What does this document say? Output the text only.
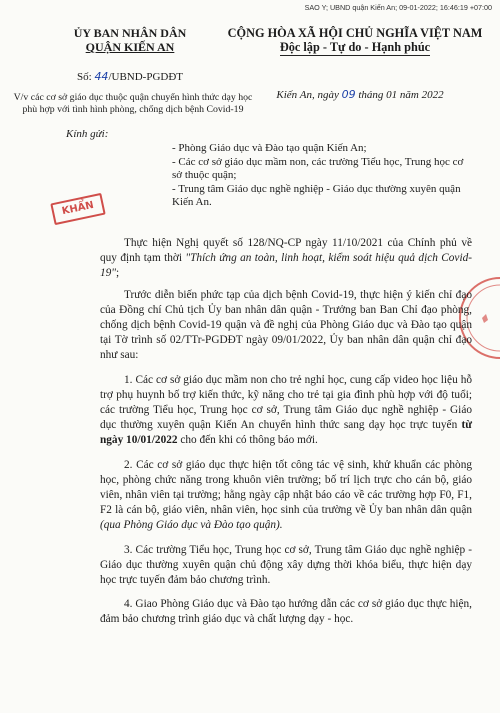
SAO Y; UBND quận Kiến An; 09-01-2022; 16:46:19 +07:00
ỦY BAN NHÂN DÂN
QUẬN KIẾN AN
CỘNG HÒA XÃ HỘI CHỦ NGHĨA VIỆT NAM
Độc lập - Tự do - Hạnh phúc
Số: 44/UBND-PGDĐT
Kiến An, ngày 09 tháng 01 năm 2022
V/v các cơ sở giáo dục thuộc quận chuyển hình thức dạy học phù hợp với tình hình phòng, chống dịch bệnh Covid-19
Kính gửi:
- Phòng Giáo dục và Đào tạo quận Kiến An;
- Các cơ sở giáo dục mầm non, các trường Tiểu học, Trung học cơ sở thuộc quận;
- Trung tâm Giáo dục nghề nghiệp - Giáo dục thường xuyên quận Kiến An.
KHẨN

Thực hiện Nghị quyết số 128/NQ-CP ngày 11/10/2021 của Chính phủ về quy định tạm thời "Thích ứng an toàn, linh hoạt, kiểm soát hiệu quả dịch Covid-19";

Trước diễn biến phức tạp của dịch bệnh Covid-19, thực hiện ý kiến chỉ đạo của Đồng chí Chủ tịch Ủy ban nhân dân quận - Trưởng ban Ban Chỉ đạo phòng, chống dịch bệnh Covid-19 quận và đề nghị của Phòng Giáo dục và Đào tạo quận tại Tờ trình số 02/TTr-PGDĐT ngày 09/01/2022, Ủy ban nhân dân quận chỉ đạo như sau:

1. Các cơ sở giáo dục mầm non cho trẻ nghỉ học, cung cấp video học liệu hỗ trợ phụ huynh bố trợ kiến thức, kỹ năng cho trẻ tại gia đình phù hợp với độ tuổi; các trường Tiểu học, Trung học cơ sở, Trung tâm Giáo dục nghề nghiệp - Giáo dục thường xuyên quận Kiến An chuyển hình thức sang dạy học trực tuyến từ ngày 10/01/2022 cho đến khi có thông báo mới.

2. Các cơ sở giáo dục thực hiện tốt công tác vệ sinh, khử khuẩn các phòng học, phòng chức năng trong khuôn viên trường; bố trí lịch trực cho cán bộ, giáo viên, nhân viên tại trường; hằng ngày cập nhật báo cáo về các trường hợp F0, F1, F2 là cán bộ, giáo viên, nhân viên, học sinh của trường về Ủy ban nhân dân quận (qua Phòng Giáo dục và Đào tạo quận).

3. Các trường Tiểu học, Trung học cơ sở, Trung tâm Giáo dục nghề nghiệp - Giáo dục thường xuyên quận chủ động xây dựng thời khóa biểu, thực hiện dạy học trực tuyến đảm bảo chương trình.

4. Giao Phòng Giáo dục và Đào tạo hướng dẫn các cơ sở giáo dục thực hiện, đảm bảo chương trình giáo dục và chất lượng dạy - học.
